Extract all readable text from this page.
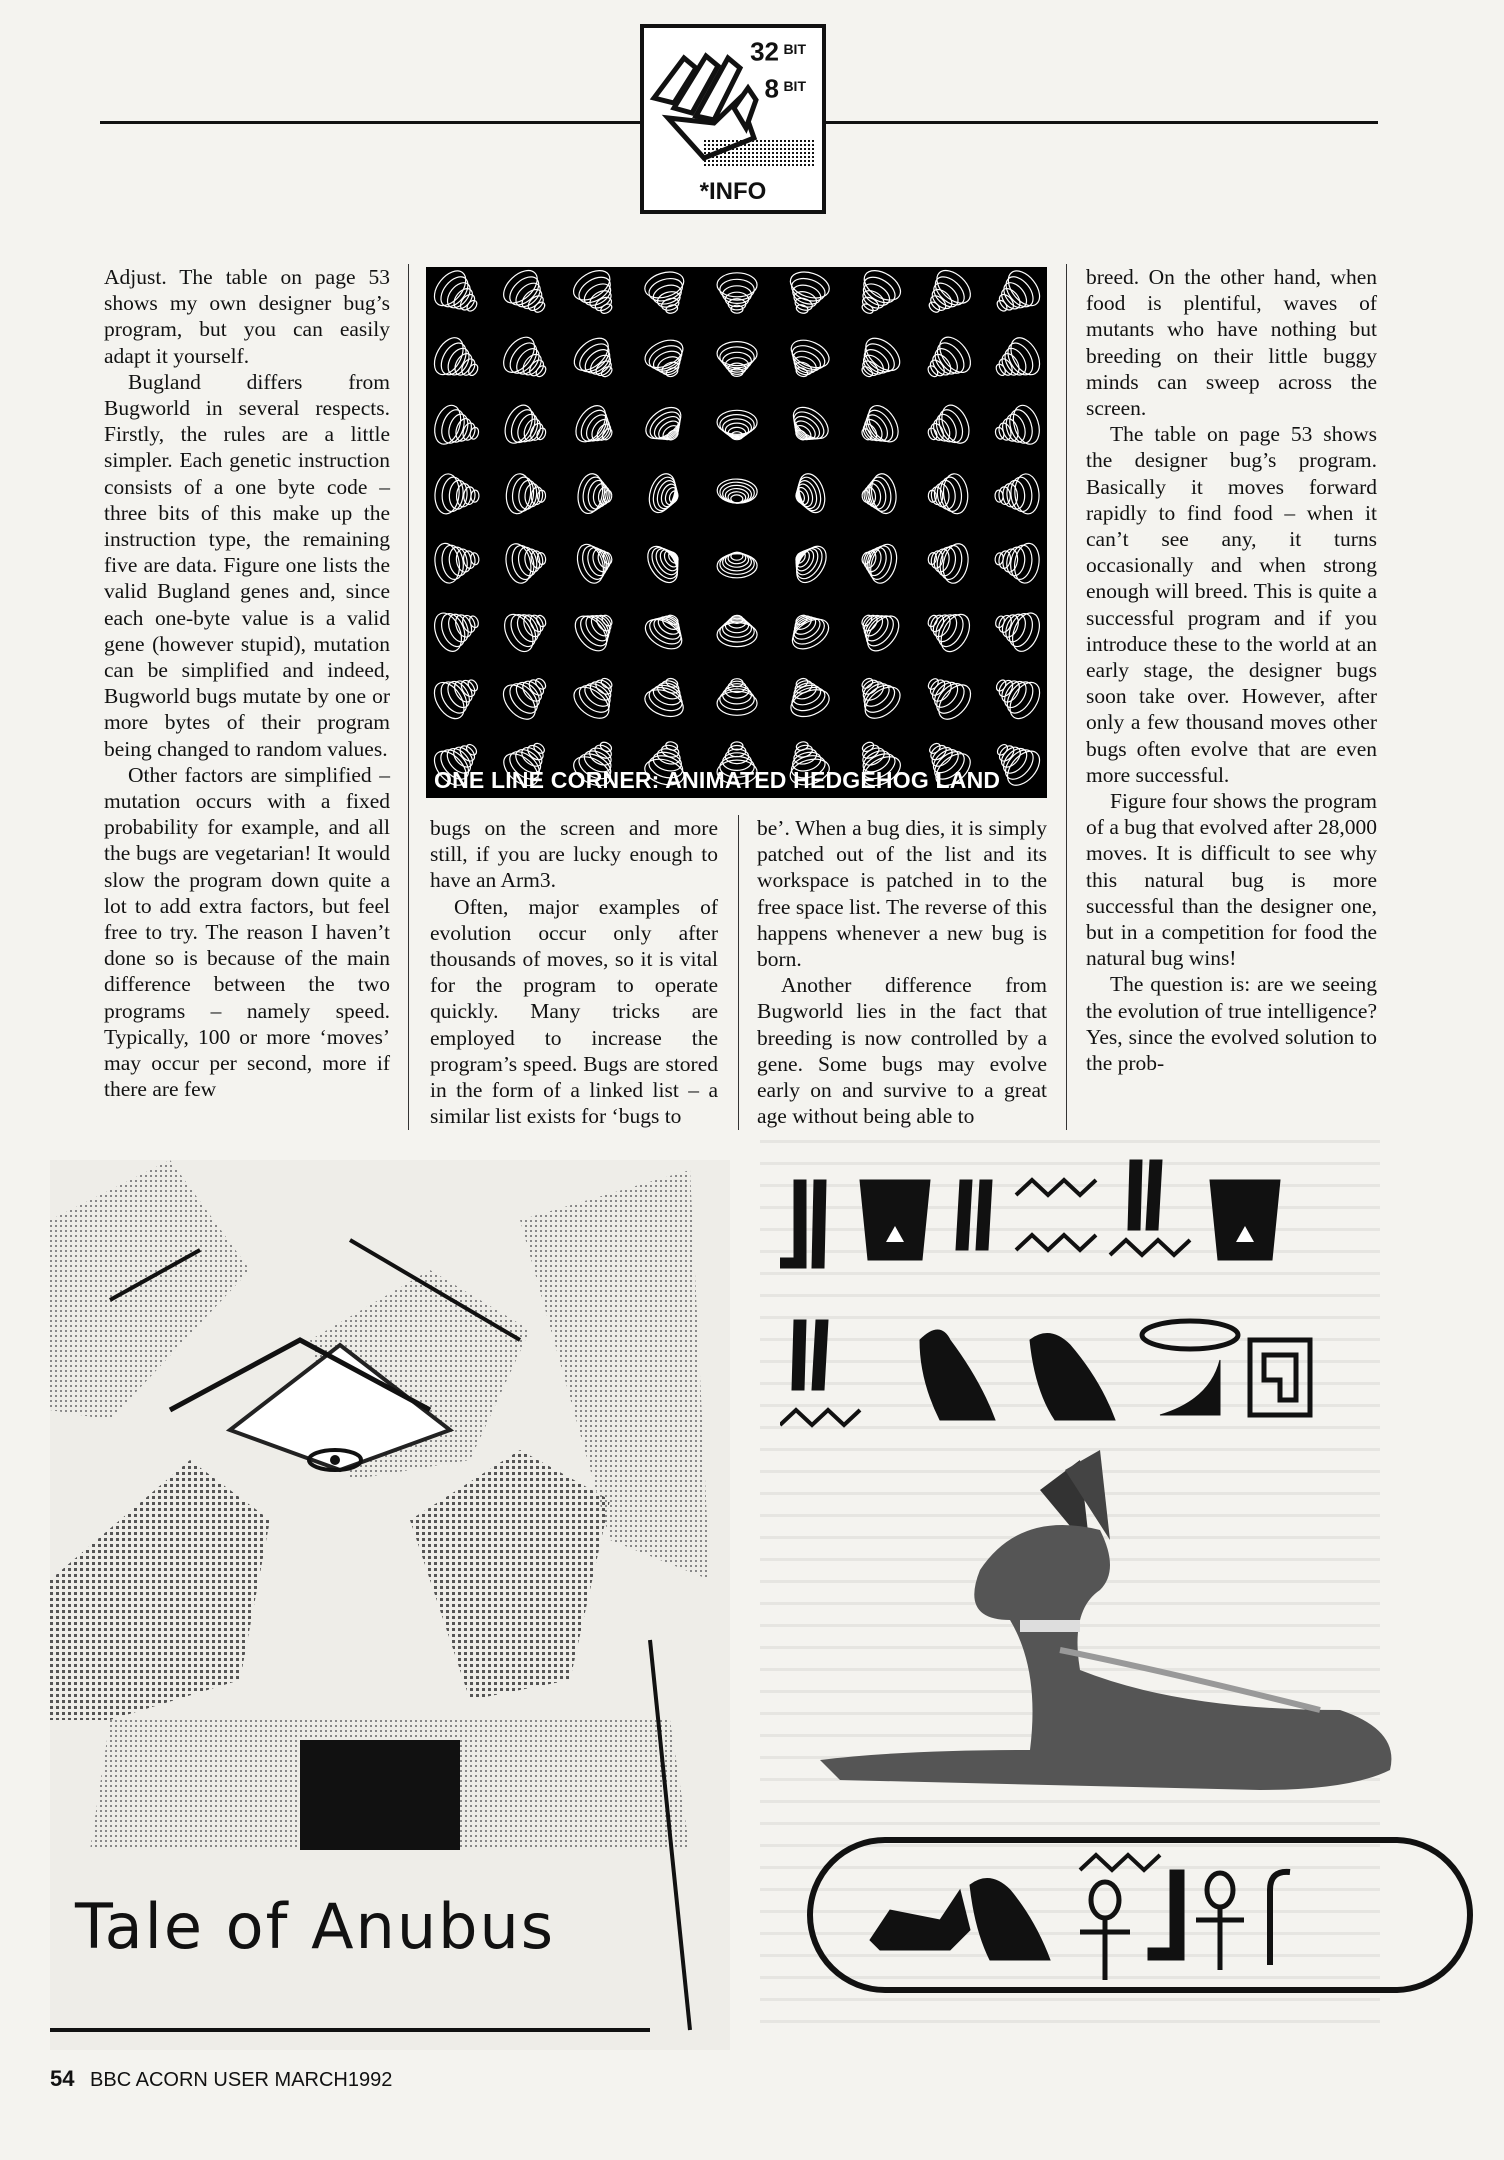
32 BIT
8 BIT
*INFO

Adjust. The table on page 53 shows my own designer bug’s program, but you can easily adapt it yourself.

Bugland differs from Bugworld in several respects. Firstly, the rules are a little simpler. Each genetic instruction consists of a one byte code – three bits of this make up the instruction type, the remaining five are data. Figure one lists the valid Bugland genes and, since each one-byte value is a valid gene (however stupid), mutation can be simplified and indeed, Bugworld bugs mutate by one or more bytes of their program being changed to random values.

Other factors are simplified – mutation occurs with a fixed probability for example, and all the bugs are vegetarian! It would slow the program down quite a lot to add extra factors, but feel free to try. The reason I haven’t done so is because of the main difference between the two programs – namely speed. Typically, 100 or more ‘moves’ may occur per second, more if there are few

ONE LINE CORNER: ANIMATED HEDGEHOG LAND

bugs on the screen and more still, if you are lucky enough to have an Arm3.

Often, major examples of evolution occur only after thousands of moves, so it is vital for the program to operate quickly. Many tricks are employed to increase the program’s speed. Bugs are stored in the form of a linked list – a similar list exists for ‘bugs to

be’. When a bug dies, it is simply patched out of the list and its workspace is patched in to the free space list. The reverse of this happens whenever a new bug is born.

Another difference from Bugworld lies in the fact that breeding is now controlled by a gene. Some bugs may evolve early on and survive to a great age without being able to

breed. On the other hand, when food is plentiful, waves of mutants who have nothing but breeding on their little buggy minds can sweep across the screen.

The table on page 53 shows the designer bug’s program. Basically it moves forward rapidly to find food – when it can’t see any, it turns occasionally and when strong enough will breed. This is quite a successful program and if you introduce these to the world at an early stage, the designer bugs soon take over. However, after only a few thousand moves other bugs often evolve that are even more successful.

Figure four shows the program of a bug that evolved after 28,000 moves. It is difficult to see why this natural bug is more successful than the designer one, but in a competition for food the natural bug wins!

The question is: are we seeing the evolution of true intelligence? Yes, since the evolved solution to the prob-

Tale of Anubus
54 BBC ACORN USER MARCH1992
